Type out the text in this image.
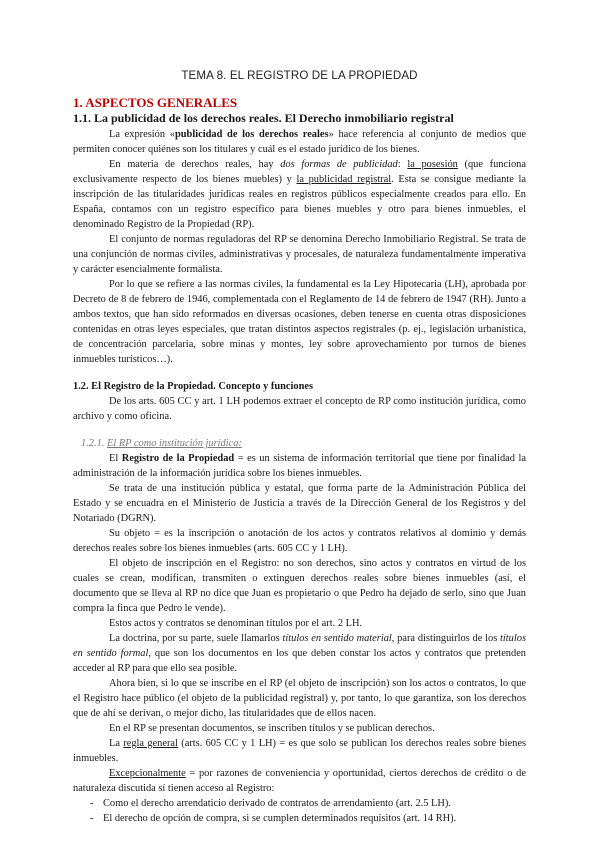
TEMA 8. EL REGISTRO DE LA PROPIEDAD
1. ASPECTOS GENERALES
1.1. La publicidad de los derechos reales. El Derecho inmobiliario registral

La expresión «publicidad de los derechos reales» hace referencia al conjunto de medios que permiten conocer quiénes son los titulares y cuál es el estado jurídico de los bienes.

En materia de derechos reales, hay dos formas de publicidad: la posesión (que funciona exclusivamente respecto de los bienes muebles) y la publicidad registral. Esta se consigue mediante la inscripción de las titularidades jurídicas reales en registros públicos especialmente creados para ello. En España, contamos con un registro específico para bienes muebles y otro para bienes inmuebles, el denominado Registro de la Propiedad (RP).

El conjunto de normas reguladoras del RP se denomina Derecho Inmobiliario Registral. Se trata de una conjunción de normas civiles, administrativas y procesales, de naturaleza fundamentalmente imperativa y carácter esencialmente formalista.

Por lo que se refiere a las normas civiles, la fundamental es la Ley Hipotecaria (LH), aprobada por Decreto de 8 de febrero de 1946, complementada con el Reglamento de 14 de febrero de 1947 (RH). Junto a ambos textos, que han sido reformados en diversas ocasiones, deben tenerse en cuenta otras disposiciones contenidas en otras leyes especiales, que tratan distintos aspectos registrales (p. ej., legislación urbanística, de concentración parcelaria, sobre minas y montes, ley sobre aprovechamiento por turnos de bienes inmuebles turísticos…).

1.2. El Registro de la Propiedad. Concepto y funciones

De los arts. 605 CC y art. 1 LH podemos extraer el concepto de RP como institución jurídica, como archivo y como oficina.

1.2.1. El RP como institución jurídica:

El Registro de la Propiedad = es un sistema de información territorial que tiene por finalidad la administración de la información jurídica sobre los bienes inmuebles.

Se trata de una institución pública y estatal, que forma parte de la Administración Pública del Estado y se encuadra en el Ministerio de Justicia a través de la Dirección General de los Registros y del Notariado (DGRN).

Su objeto = es la inscripción o anotación de los actos y contratos relativos al dominio y demás derechos reales sobre los bienes inmuebles (arts. 605 CC y 1 LH).

El objeto de inscripción en el Registro: no son derechos, sino actos y contratos en virtud de los cuales se crean, modifican, transmiten o extinguen derechos reales sobre bienes inmuebles (así, el documento que se lleva al RP no dice que Juan es propietario o que Pedro ha dejado de serlo, sino que Juan compra la finca que Pedro le vende).

Estos actos y contratos se denominan títulos por el art. 2 LH.

La doctrina, por su parte, suele llamarlos títulos en sentido material, para distinguirlos de los títulos en sentido formal, que son los documentos en los que deben constar los actos y contratos que pretenden acceder al RP para que ello sea posible.

Ahora bien, si lo que se inscribe en el RP (el objeto de inscripción) son los actos o contratos, lo que el Registro hace público (el objeto de la publicidad registral) y, por tanto, lo que garantiza, son los derechos que de ahí se derivan, o mejor dicho, las titularidades que de ellos nacen.

En el RP se presentan documentos, se inscriben títulos y se publican derechos.

La regla general (arts. 605 CC y 1 LH) = es que solo se publican los derechos reales sobre bienes inmuebles.

Excepcionalmente = por razones de conveniencia y oportunidad, ciertos derechos de crédito o de naturaleza discutida sí tienen acceso al Registro:

- Como el derecho arrendaticio derivado de contratos de arrendamiento (art. 2.5 LH).
- El derecho de opción de compra, si se cumplen determinados requisitos (art. 14 RH).
